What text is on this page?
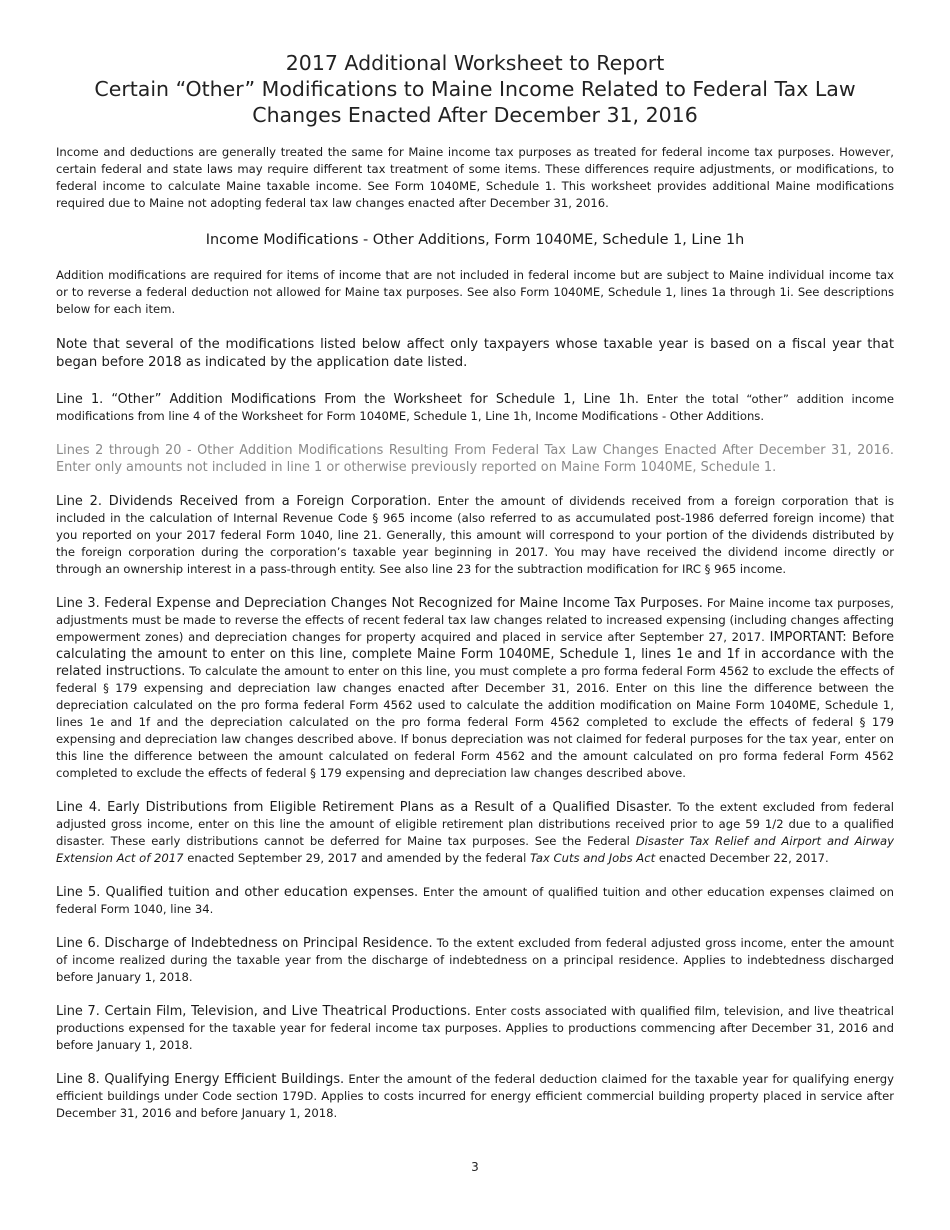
2017 Additional Worksheet to Report
Certain “Other” Modifications to Maine Income Related to Federal Tax Law
Changes Enacted After December 31, 2016

Income and deductions are generally treated the same for Maine income tax purposes as treated for federal income tax purposes. However, certain federal and state laws may require different tax treatment of some items. These differences require adjustments, or modifications, to federal income to calculate Maine taxable income. See Form 1040ME, Schedule 1. This worksheet provides additional Maine modifications required due to Maine not adopting federal tax law changes enacted after December 31, 2016.

Income Modifications - Other Additions, Form 1040ME, Schedule 1, Line 1h

Addition modifications are required for items of income that are not included in federal income but are subject to Maine individual income tax or to reverse a federal deduction not allowed for Maine tax purposes. See also Form 1040ME, Schedule 1, lines 1a through 1i. See descriptions below for each item.

Note that several of the modifications listed below affect only taxpayers whose taxable year is based on a fiscal year that began before 2018 as indicated by the application date listed.

Line 1. “Other” Addition Modifications From the Worksheet for Schedule 1, Line 1h. Enter the total “other” addition income modifications from line 4 of the Worksheet for Form 1040ME, Schedule 1, Line 1h, Income Modifications - Other Additions.

Lines 2 through 20 - Other Addition Modifications Resulting From Federal Tax Law Changes Enacted After December 31, 2016. Enter only amounts not included in line 1 or otherwise previously reported on Maine Form 1040ME, Schedule 1.

Line 2. Dividends Received from a Foreign Corporation. Enter the amount of dividends received from a foreign corporation that is included in the calculation of Internal Revenue Code § 965 income (also referred to as accumulated post-1986 deferred foreign income) that you reported on your 2017 federal Form 1040, line 21. Generally, this amount will correspond to your portion of the dividends distributed by the foreign corporation during the corporation’s taxable year beginning in 2017. You may have received the dividend income directly or through an ownership interest in a pass-through entity. See also line 23 for the subtraction modification for IRC § 965 income.

Line 3. Federal Expense and Depreciation Changes Not Recognized for Maine Income Tax Purposes. For Maine income tax purposes, adjustments must be made to reverse the effects of recent federal tax law changes related to increased expensing (including changes affecting empowerment zones) and depreciation changes for property acquired and placed in service after September 27, 2017. IMPORTANT: Before calculating the amount to enter on this line, complete Maine Form 1040ME, Schedule 1, lines 1e and 1f in accordance with the related instructions. To calculate the amount to enter on this line, you must complete a pro forma federal Form 4562 to exclude the effects of federal § 179 expensing and depreciation law changes enacted after December 31, 2016. Enter on this line the difference between the depreciation calculated on the pro forma federal Form 4562 used to calculate the addition modification on Maine Form 1040ME, Schedule 1, lines 1e and 1f and the depreciation calculated on the pro forma federal Form 4562 completed to exclude the effects of federal § 179 expensing and depreciation law changes described above. If bonus depreciation was not claimed for federal purposes for the tax year, enter on this line the difference between the amount calculated on federal Form 4562 and the amount calculated on pro forma federal Form 4562 completed to exclude the effects of federal § 179 expensing and depreciation law changes described above.

Line 4. Early Distributions from Eligible Retirement Plans as a Result of a Qualified Disaster. To the extent excluded from federal adjusted gross income, enter on this line the amount of eligible retirement plan distributions received prior to age 59 1/2 due to a qualified disaster. These early distributions cannot be deferred for Maine tax purposes. See the Federal Disaster Tax Relief and Airport and Airway Extension Act of 2017 enacted September 29, 2017 and amended by the federal Tax Cuts and Jobs Act enacted December 22, 2017.

Line 5. Qualified tuition and other education expenses. Enter the amount of qualified tuition and other education expenses claimed on federal Form 1040, line 34.

Line 6. Discharge of Indebtedness on Principal Residence. To the extent excluded from federal adjusted gross income, enter the amount of income realized during the taxable year from the discharge of indebtedness on a principal residence. Applies to indebtedness discharged before January 1, 2018.

Line 7. Certain Film, Television, and Live Theatrical Productions. Enter costs associated with qualified film, television, and live theatrical productions expensed for the taxable year for federal income tax purposes. Applies to productions commencing after December 31, 2016 and before January 1, 2018.

Line 8. Qualifying Energy Efficient Buildings. Enter the amount of the federal deduction claimed for the taxable year for qualifying energy efficient buildings under Code section 179D. Applies to costs incurred for energy efficient commercial building property placed in service after December 31, 2016 and before January 1, 2018.

3
